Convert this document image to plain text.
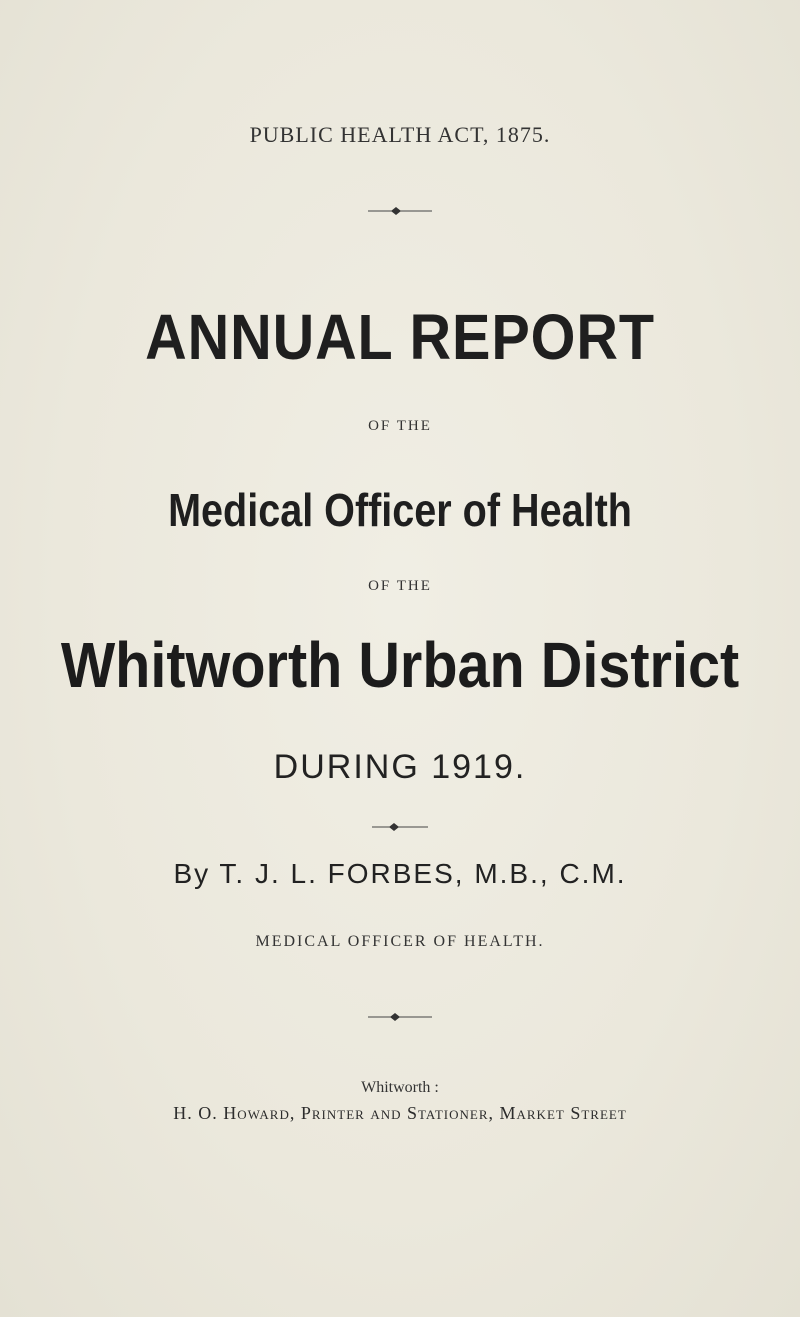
PUBLIC HEALTH ACT, 1875.
ANNUAL REPORT
OF THE
Medical Officer of Health
OF THE
Whitworth Urban District
DURING 1919.
By T. J. L. FORBES, M.B., C.M.
MEDICAL OFFICER OF HEALTH.
Whitworth :
H. O. Howard, Printer and Stationer, Market Street
